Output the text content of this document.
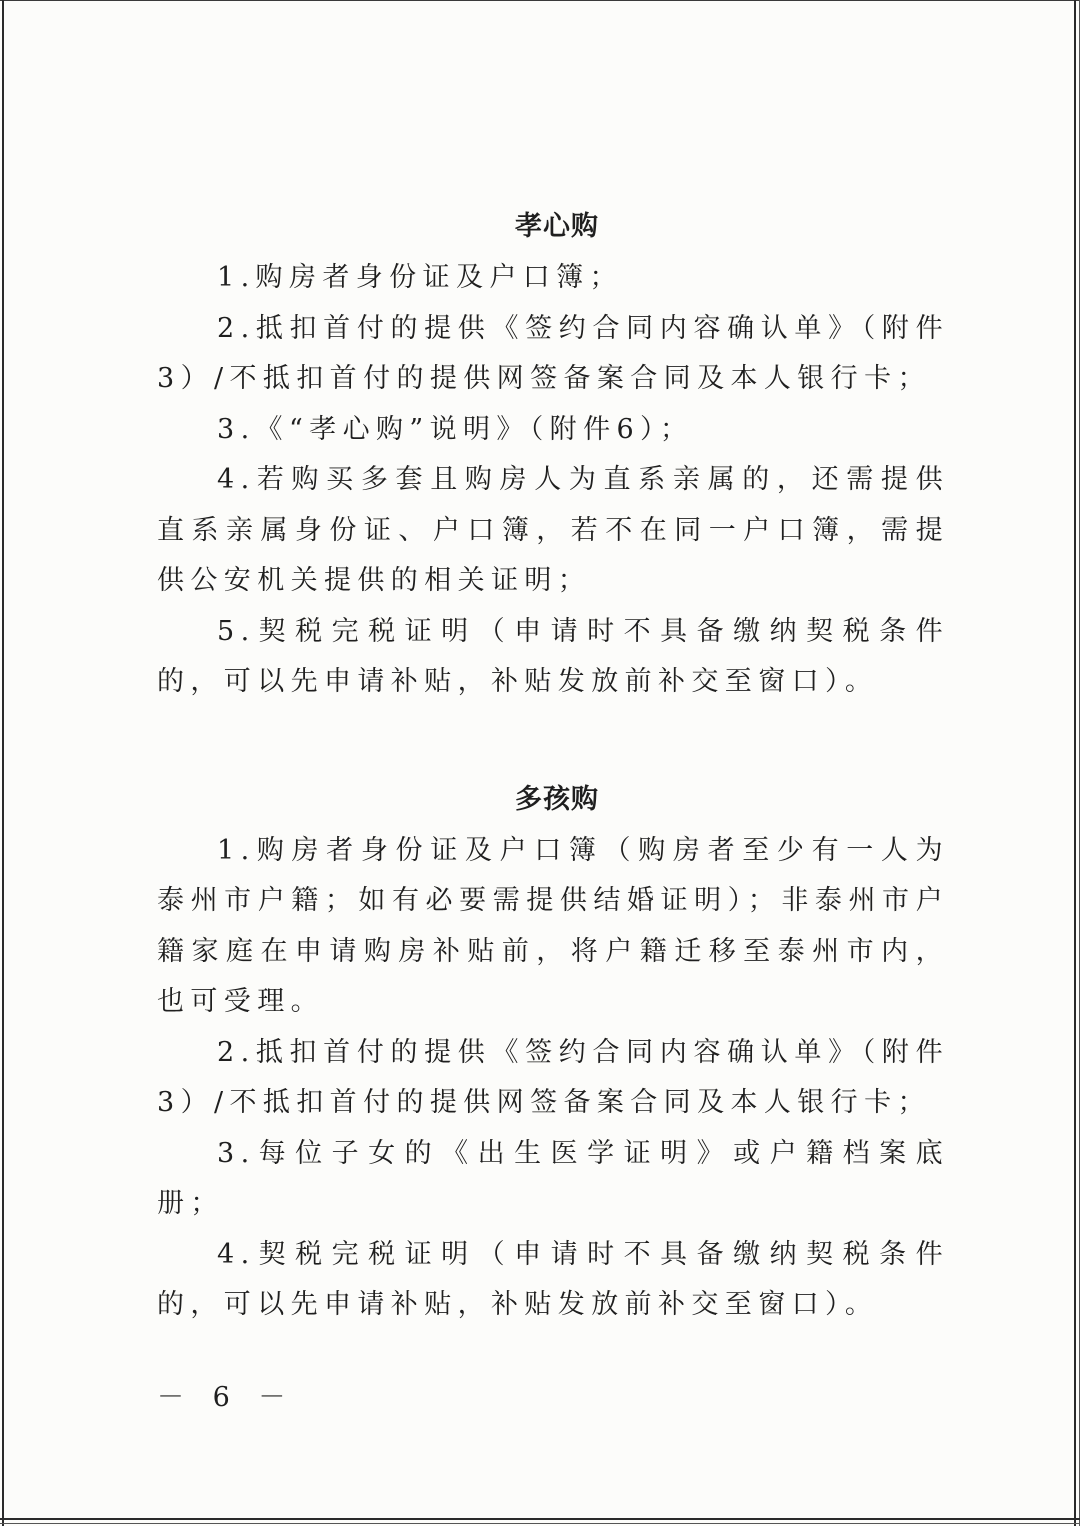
孝心购

1.购房者身份证及户口簿；

2.抵扣首付的提供《签约合同内容确认单》（附件3）/不抵扣首付的提供网签备案合同及本人银行卡；

3.《“孝心购”说明》（附件6）；

4.若购买多套且购房人为直系亲属的，还需提供直系亲属身份证、户口簿，若不在同一户口簿，需提供公安机关提供的相关证明；

5.契税完税证明（申请时不具备缴纳契税条件的，可以先申请补贴，补贴发放前补交至窗口）。

多孩购

1.购房者身份证及户口簿（购房者至少有一人为泰州市户籍；如有必要需提供结婚证明）；非泰州市户籍家庭在申请购房补贴前，将户籍迁移至泰州市内，也可受理。

2.抵扣首付的提供《签约合同内容确认单》（附件3）/不抵扣首付的提供网签备案合同及本人银行卡；

3.每位子女的《出生医学证明》或户籍档案底册；

4.契税完税证明（申请时不具备缴纳契税条件的，可以先申请补贴，补贴发放前补交至窗口）。

－ 6 －
